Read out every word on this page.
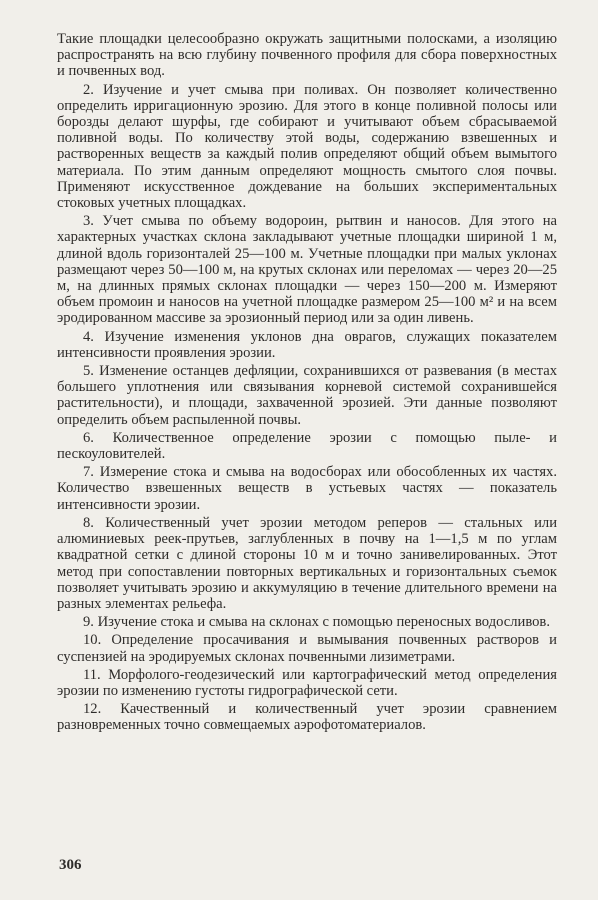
Такие площадки целесообразно окружать защитными полосками, а изоляцию распространять на всю глубину почвенного профиля для сбора поверхностных и почвенных вод.

2. Изучение и учет смыва при поливах. Он позволяет количественно определить ирригационную эрозию. Для этого в конце поливной полосы или борозды делают шурфы, где собирают и учитывают объем сбрасываемой поливной воды. По количеству этой воды, содержанию взвешенных и растворенных веществ за каждый полив определяют общий объем вымытого материала. По этим данным определяют мощность смытого слоя почвы. Применяют искусственное дождевание на больших экспериментальных стоковых учетных площадках.

3. Учет смыва по объему водороин, рытвин и наносов. Для этого на характерных участках склона закладывают учетные площадки шириной 1 м, длиной вдоль горизонталей 25—100 м. Учетные площадки при малых уклонах размещают через 50—100 м, на крутых склонах или переломах — через 20—25 м, на длинных прямых склонах площадки — через 150—200 м. Измеряют объем промоин и наносов на учетной площадке размером 25—100 м² и на всем эродированном массиве за эрозионный период или за один ливень.

4. Изучение изменения уклонов дна оврагов, служащих показателем интенсивности проявления эрозии.

5. Изменение останцев дефляции, сохранившихся от развевания (в местах большего уплотнения или связывания корневой системой сохранившейся растительности), и площади, захваченной эрозией. Эти данные позволяют определить объем распыленной почвы.

6. Количественное определение эрозии с помощью пыле- и пескоуловителей.

7. Измерение стока и смыва на водосборах или обособленных их частях. Количество взвешенных веществ в устьевых частях — показатель интенсивности эрозии.

8. Количественный учет эрозии методом реперов — стальных или алюминиевых реек-прутьев, заглубленных в почву на 1—1,5 м по углам квадратной сетки с длиной стороны 10 м и точно занивелированных. Этот метод при сопоставлении повторных вертикальных и горизонтальных съемок позволяет учитывать эрозию и аккумуляцию в течение длительного времени на разных элементах рельефа.

9. Изучение стока и смыва на склонах с помощью переносных водосливов.

10. Определение просачивания и вымывания почвенных растворов и суспензией на эродируемых склонах почвенными лизиметрами.

11. Морфолого-геодезический или картографический метод определения эрозии по изменению густоты гидрографической сети.

12. Качественный и количественный учет эрозии сравнением разновременных точно совмещаемых аэрофотоматериалов.

306
